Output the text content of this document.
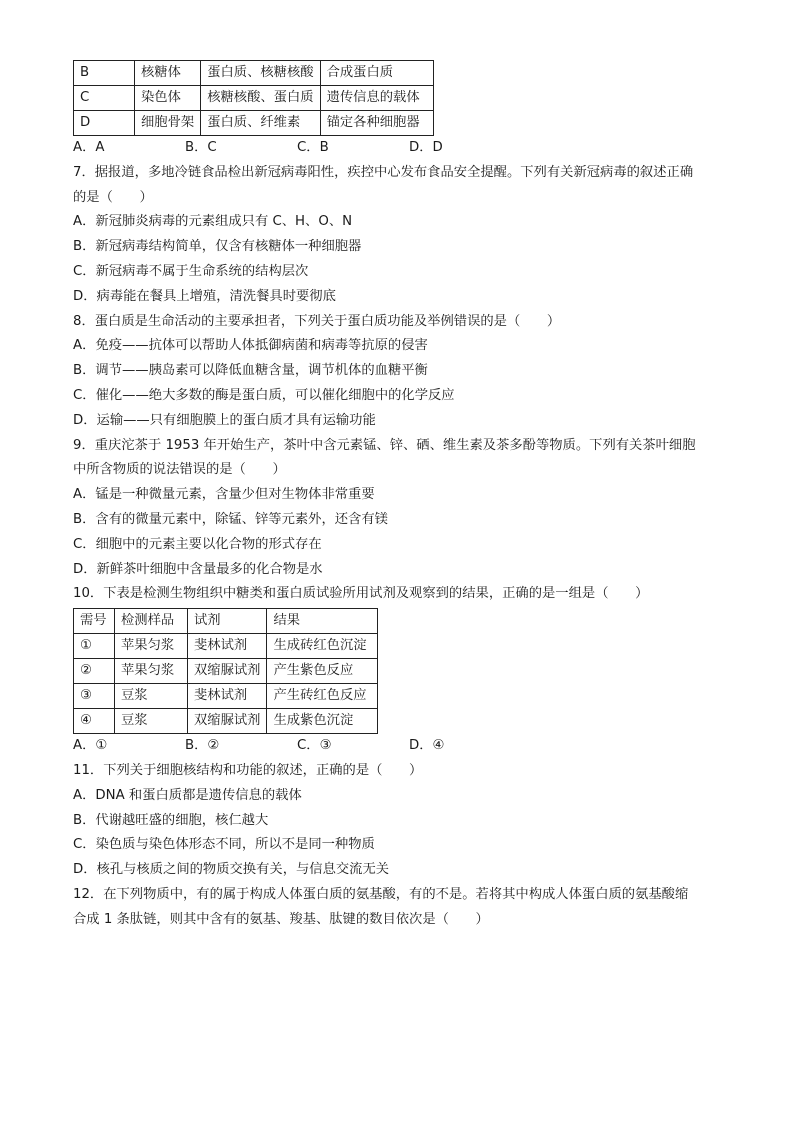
B	核糖体	蛋白质、核糖核酸	合成蛋白质
C	染色体	核糖核酸、蛋白质	遗传信息的载体
D	细胞骨架	蛋白质、纤维素	锚定各种细胞器
A．A	B．C	C．B	D．D
7．据报道，多地冷链食品检出新冠病毒阳性，疾控中心发布食品安全提醒。下列有关新冠病毒的叙述正确
的是（　　）
A．新冠肺炎病毒的元素组成只有 C、H、O、N
B．新冠病毒结构简单，仅含有核糖体一种细胞器
C．新冠病毒不属于生命系统的结构层次
D．病毒能在餐具上增殖，清洗餐具时要彻底
8．蛋白质是生命活动的主要承担者，下列关于蛋白质功能及举例错误的是（　　）
A．免疫——抗体可以帮助人体抵御病菌和病毒等抗原的侵害
B．调节——胰岛素可以降低血糖含量，调节机体的血糖平衡
C．催化——绝大多数的酶是蛋白质，可以催化细胞中的化学反应
D．运输——只有细胞膜上的蛋白质才具有运输功能
9．重庆沱茶于 1953 年开始生产，茶叶中含元素锰、锌、硒、维生素及茶多酚等物质。下列有关茶叶细胞
中所含物质的说法错误的是（　　）
A．锰是一种微量元素，含量少但对生物体非常重要
B．含有的微量元素中，除锰、锌等元素外，还含有镁
C．细胞中的元素主要以化合物的形式存在
D．新鲜茶叶细胞中含量最多的化合物是水
10．下表是检测生物组织中糖类和蛋白质试验所用试剂及观察到的结果，正确的是一组是（　　）
需号	检测样品	试剂	结果
①	苹果匀浆	斐林试剂	生成砖红色沉淀
②	苹果匀浆	双缩脲试剂	产生紫色反应
③	豆浆	斐林试剂	产生砖红色反应
④	豆浆	双缩脲试剂	生成紫色沉淀
A．①	B．②	C．③	D．④
11．下列关于细胞核结构和功能的叙述，正确的是（　　）
A．DNA 和蛋白质都是遗传信息的载体
B．代谢越旺盛的细胞，核仁越大
C．染色质与染色体形态不同，所以不是同一种物质
D．核孔与核质之间的物质交换有关，与信息交流无关
12．在下列物质中，有的属于构成人体蛋白质的氨基酸，有的不是。若将其中构成人体蛋白质的氨基酸缩
合成 1 条肽链，则其中含有的氨基、羧基、肽键的数目依次是（　　）
